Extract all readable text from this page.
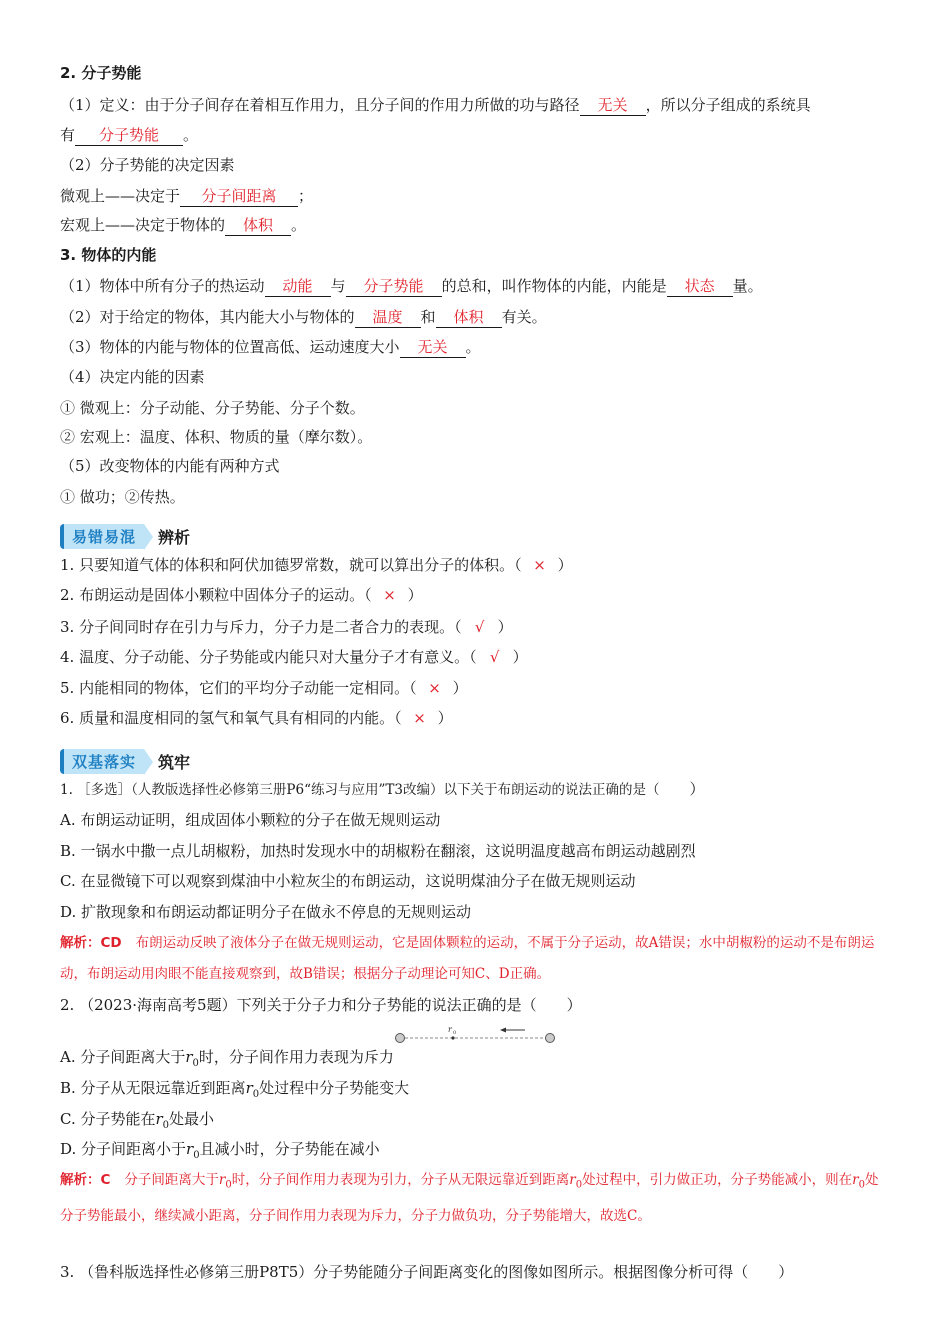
2. 分子势能
（1）定义：由于分子间存在着相互作用力，且分子间的作用力所做的功与路径 无关 ，所以分子组成的系统具
有 分子势能 。
（2）分子势能的决定因素
微观上——决定于 分子间距离 ；
宏观上——决定于物体的 体积 。
3. 物体的内能
（1）物体中所有分子的热运动 动能 与 分子势能 的总和，叫作物体的内能，内能是 状态 量。
（2）对于给定的物体，其内能大小与物体的 温度 和 体积 有关。
（3）物体的内能与物体的位置高低、运动速度大小 无关 。
（4）决定内能的因素
① 微观上：分子动能、分子势能、分子个数。
② 宏观上：温度、体积、物质的量（摩尔数）。
（5）改变物体的内能有两种方式
① 做功；②传热。
易错易混	辨析
1. 只要知道气体的体积和阿伏加德罗常数，就可以算出分子的体积。（ × ）
2. 布朗运动是固体小颗粒中固体分子的运动。（ × ）
3. 分子间同时存在引力与斥力，分子力是二者合力的表现。（ √ ）
4. 温度、分子动能、分子势能或内能只对大量分子才有意义。（ √ ）
5. 内能相同的物体，它们的平均分子动能一定相同。（ × ）
6. 质量和温度相同的氢气和氧气具有相同的内能。（ × ）
双基落实	筑牢
1. ［多选］（人教版选择性必修第三册P6“练习与应用”T3改编）以下关于布朗运动的说法正确的是（ ）
A. 布朗运动证明，组成固体小颗粒的分子在做无规则运动
B. 一锅水中撒一点儿胡椒粉，加热时发现水中的胡椒粉在翻滚，这说明温度越高布朗运动越剧烈
C. 在显微镜下可以观察到煤油中小粒灰尘的布朗运动，这说明煤油分子在做无规则运动
D. 扩散现象和布朗运动都证明分子在做永不停息的无规则运动
解析：CD 布朗运动反映了液体分子在做无规则运动，它是固体颗粒的运动，不属于分子运动，故A错误；水中胡椒粉的运动不是布朗运动，布朗运动用肉眼不能直接观察到，故B错误；根据分子动理论可知C、D正确。
2. （2023·海南高考5题）下列关于分子力和分子势能的说法正确的是（ ）
r 0
A. 分子间距离大于$r_0$时，分子间作用力表现为斥力
B. 分子从无限远靠近到距离$r_0$处过程中分子势能变大
C. 分子势能在$r_0$处最小
D. 分子间距离小于$r_0$且减小时，分子势能在减小
解析：C 分子间距离大于$r_0$时，分子间作用力表现为引力，分子从无限远靠近到距离$r_0$处过程中，引力做正功，分子势能减小，则在$r_0$处分子势能最小，继续减小距离，分子间作用力表现为斥力，分子力做负功，分子势能增大，故选C。
3. （鲁科版选择性必修第三册P8T5）分子势能随分子间距离变化的图像如图所示。根据图像分析可得（ ）
